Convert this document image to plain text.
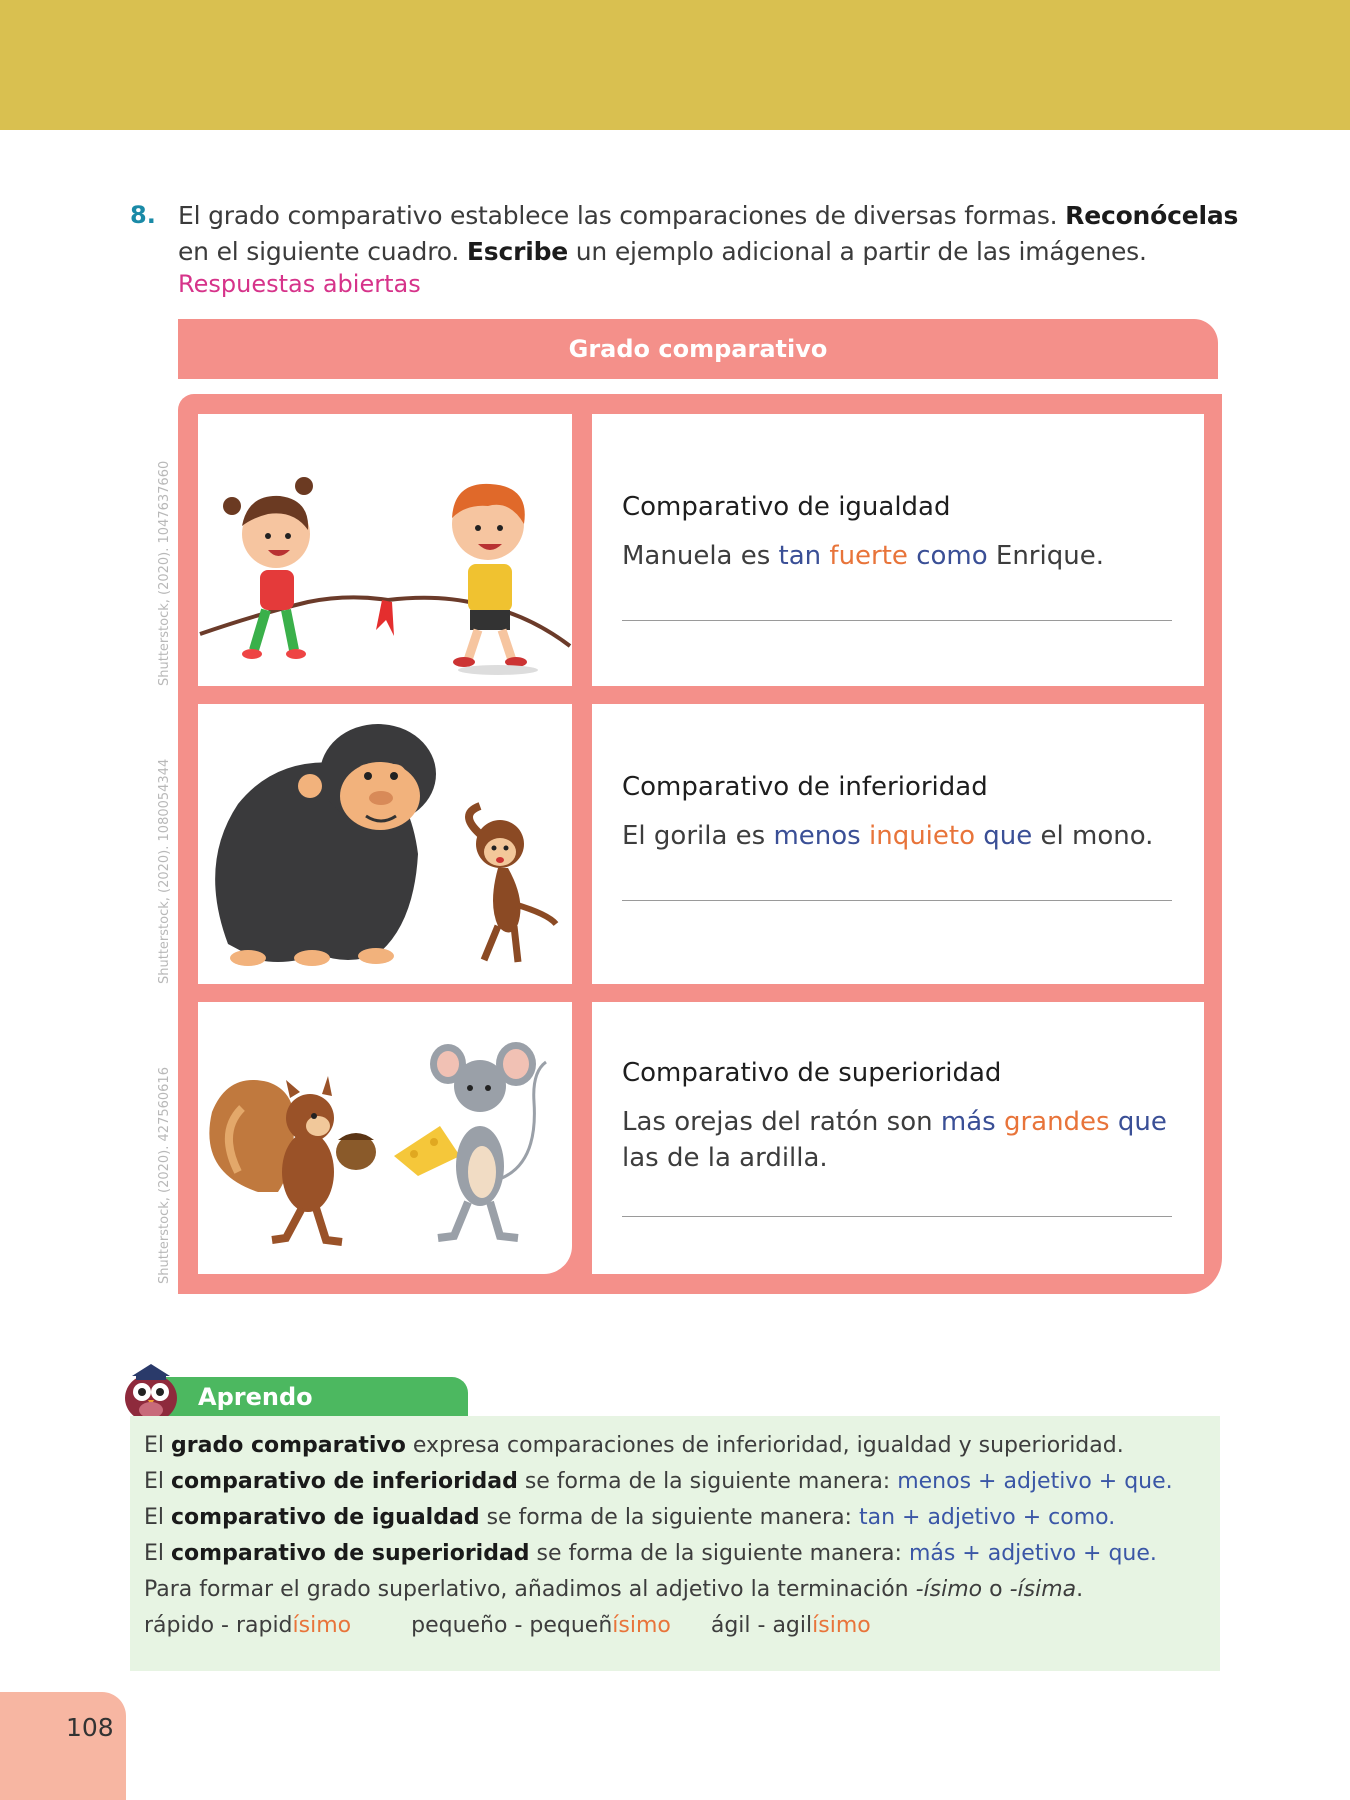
8. El grado comparativo establece las comparaciones de diversas formas. Reconócelas en el siguiente cuadro. Escribe un ejemplo adicional a partir de las imágenes.
Respuestas abiertas
Grado comparativo
Comparativo de igualdad
Manuela es tan fuerte como Enrique.
Comparativo de inferioridad
El gorila es menos inquieto que el mono.
Comparativo de superioridad
Las orejas del ratón son más grandes que las de la ardilla.
Shutterstock, (2020). 1047637660
Shutterstock, (2020). 1080054344
Shutterstock, (2020). 427560616
Aprendo
El grado comparativo expresa comparaciones de inferioridad, igualdad y superioridad.
El comparativo de inferioridad se forma de la siguiente manera: menos + adjetivo + que.
El comparativo de igualdad se forma de la siguiente manera: tan + adjetivo + como.
El comparativo de superioridad se forma de la siguiente manera: más + adjetivo + que.
Para formar el grado superlativo, añadimos al adjetivo la terminación -ísimo o -ísima.
rápido - rapidísimo	pequeño - pequeñísimo ágil - agilísimo
108
